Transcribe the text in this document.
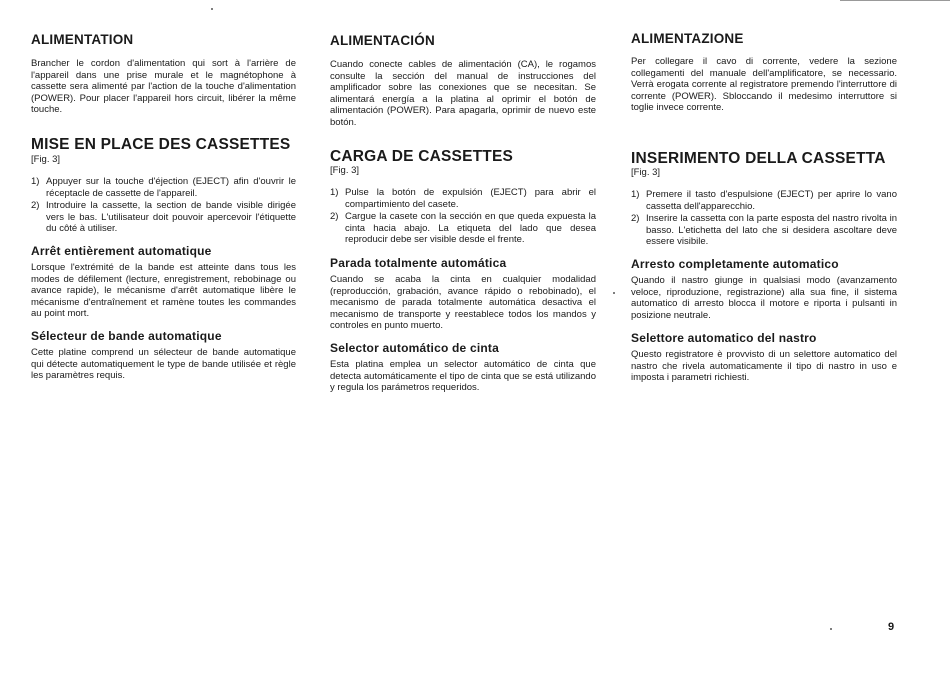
ALIMENTATION

Brancher le cordon d'alimentation qui sort à l'arrière de l'appareil dans une prise murale et le magnétophone à cassette sera alimenté par l'action de la touche d'alimentation (POWER). Pour placer l'appareil hors circuit, libérer la même touche.

MISE EN PLACE DES CASSETTES
[Fig. 3]
1) Appuyer sur la touche d'éjection (EJECT) afin d'ouvrir le réceptacle de cassette de l'appareil.
2) Introduire la cassette, la section de bande visible dirigée vers le bas. L'utilisateur doit pouvoir apercevoir l'étiquette du côté à utiliser.
Arrêt entièrement automatique

Lorsque l'extrémité de la bande est atteinte dans tous les modes de défilement (lecture, enregistrement, rebobinage ou avance rapide), le mécanisme d'arrêt automatique libère le mécanisme d'entraînement et ramène toutes les commandes au point mort.

Sélecteur de bande automatique

Cette platine comprend un sélecteur de bande automatique qui détecte automatiquement le type de bande utilisée et règle les paramètres requis.

ALIMENTACIÓN

Cuando conecte cables de alimentación (CA), le rogamos consulte la sección del manual de instrucciones del amplificador sobre las conexiones que se necesitan. Se alimentará energía a la platina al oprimir el botón de alimentación (POWER). Para apagarla, oprimir de nuevo este botón.

CARGA DE CASSETTES
[Fig. 3]
1) Pulse la botón de expulsión (EJECT) para abrir el compartimiento del casete.
2) Cargue la casete con la sección en que queda expuesta la cinta hacia abajo. La etiqueta del lado que desea reproducir debe ser visible desde el frente.
Parada totalmente automática

Cuando se acaba la cinta en cualquier modalidad (reproducción, grabación, avance rápido o rebobinado), el mecanismo de parada totalmente automática desactiva el mecanismo de transporte y reestablece todos los mandos y controles en punto muerto.

Selector automático de cinta

Esta platina emplea un selector automático de cinta que detecta automáticamente el tipo de cinta que se está utilizando y regula los parámetros requeridos.

ALIMENTAZIONE

Per collegare il cavo di corrente, vedere la sezione collegamenti del manuale dell'amplificatore, se necessario. Verrà erogata corrente al registratore premendo l'interruttore di corrente (POWER). Sbloccando il medesimo interruttore si toglie invece corrente.

INSERIMENTO DELLA CASSETTA
[Fig. 3]
1) Premere il tasto d'espulsione (EJECT) per aprire lo vano cassetta dell'apparecchio.
2) Inserire la cassetta con la parte esposta del nastro rivolta in basso. L'etichetta del lato che si desidera ascoltare deve essere visibile.
Arresto completamente automatico

Quando il nastro giunge in qualsiasi modo (avanzamento veloce, riproduzione, registrazione) alla sua fine, il sistema automatico di arresto blocca il motore e riporta i pulsanti in posizione neutrale.

Selettore automatico del nastro

Questo registratore è provvisto di un selettore automatico del nastro che rivela automaticamente il tipo di nastro in uso e imposta i parametri richiesti.

9
